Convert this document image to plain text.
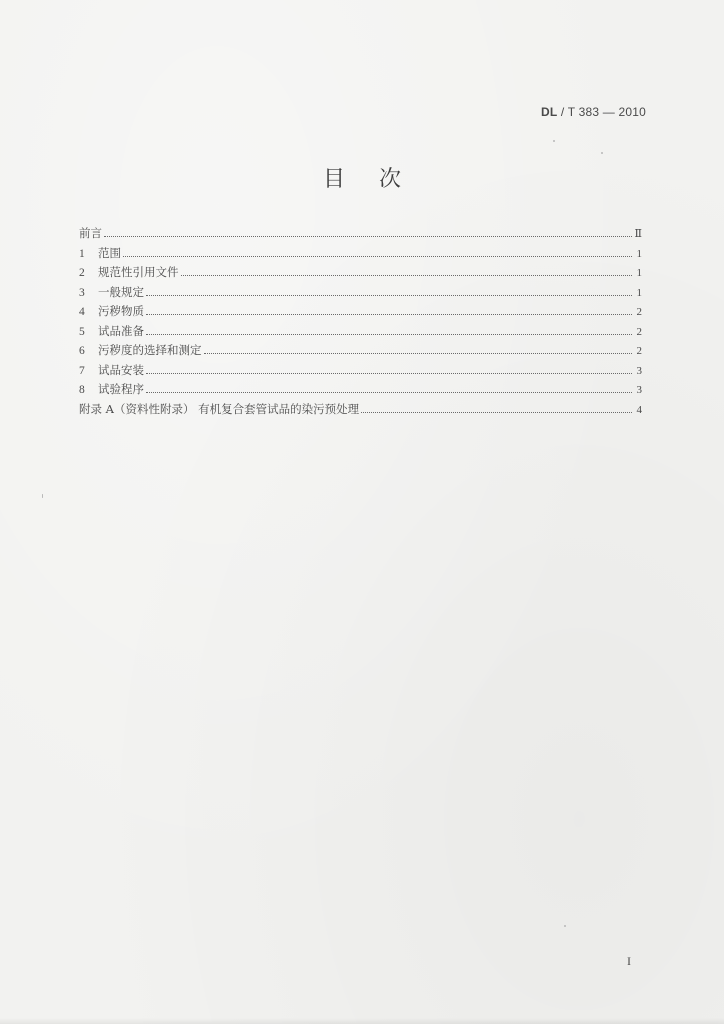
DL / T 383 — 2010
目 次
前言	Ⅱ
1	范围	1
2	规范性引用文件	1
3	一般规定	1
4	污秽物质	2
5	试品准备	2
6	污秽度的选择和测定	2
7	试品安装	3
8	试验程序	3
附录 A（资料性附录） 有机复合套管试品的染污预处理	4
I
